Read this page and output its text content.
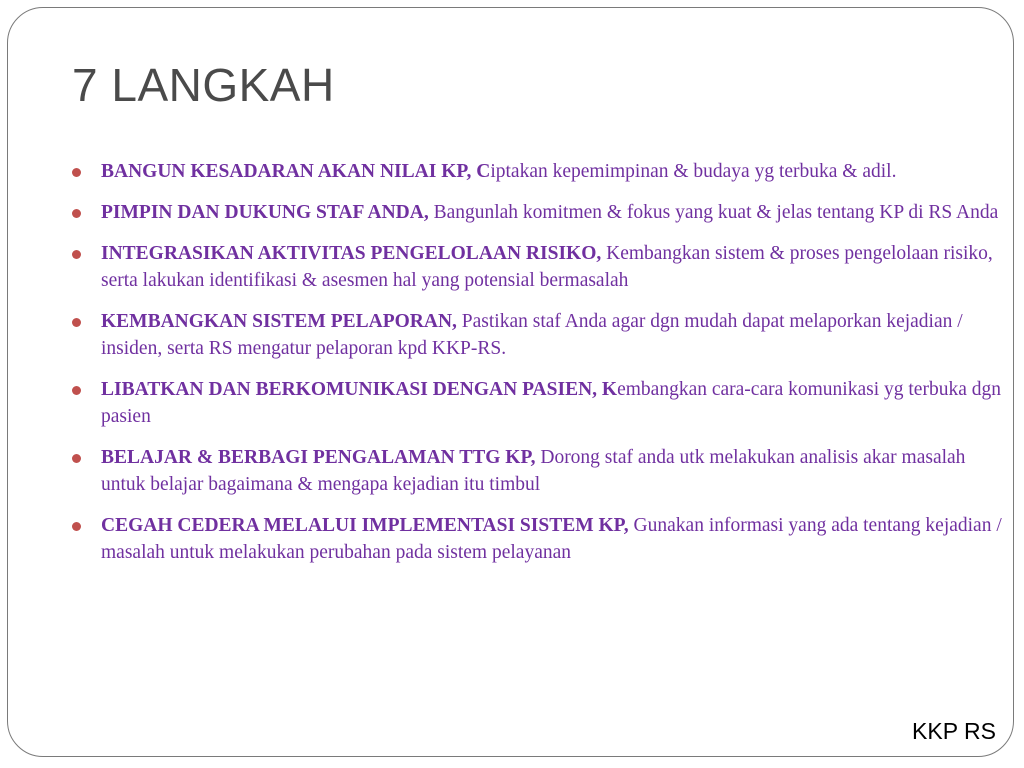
7 LANGKAH
BANGUN KESADARAN AKAN NILAI KP, Ciptakan kepemimpinan & budaya yg terbuka & adil.
PIMPIN DAN DUKUNG STAF ANDA, Bangunlah komitmen & fokus yang kuat & jelas tentang KP di RS Anda
INTEGRASIKAN AKTIVITAS PENGELOLAAN RISIKO, Kembangkan sistem & proses pengelolaan risiko, serta lakukan identifikasi & asesmen hal yang potensial bermasalah
KEMBANGKAN SISTEM PELAPORAN, Pastikan staf Anda agar dgn mudah dapat melaporkan kejadian / insiden, serta RS mengatur pelaporan kpd KKP-RS.
LIBATKAN DAN BERKOMUNIKASI DENGAN PASIEN, Kembangkan cara-cara komunikasi yg terbuka dgn pasien
BELAJAR & BERBAGI PENGALAMAN TTG KP, Dorong staf anda utk melakukan analisis akar masalah untuk belajar bagaimana & mengapa kejadian itu timbul
CEGAH CEDERA MELALUI IMPLEMENTASI SISTEM KP, Gunakan informasi yang ada tentang kejadian / masalah untuk melakukan perubahan pada sistem pelayanan
KKP RS
